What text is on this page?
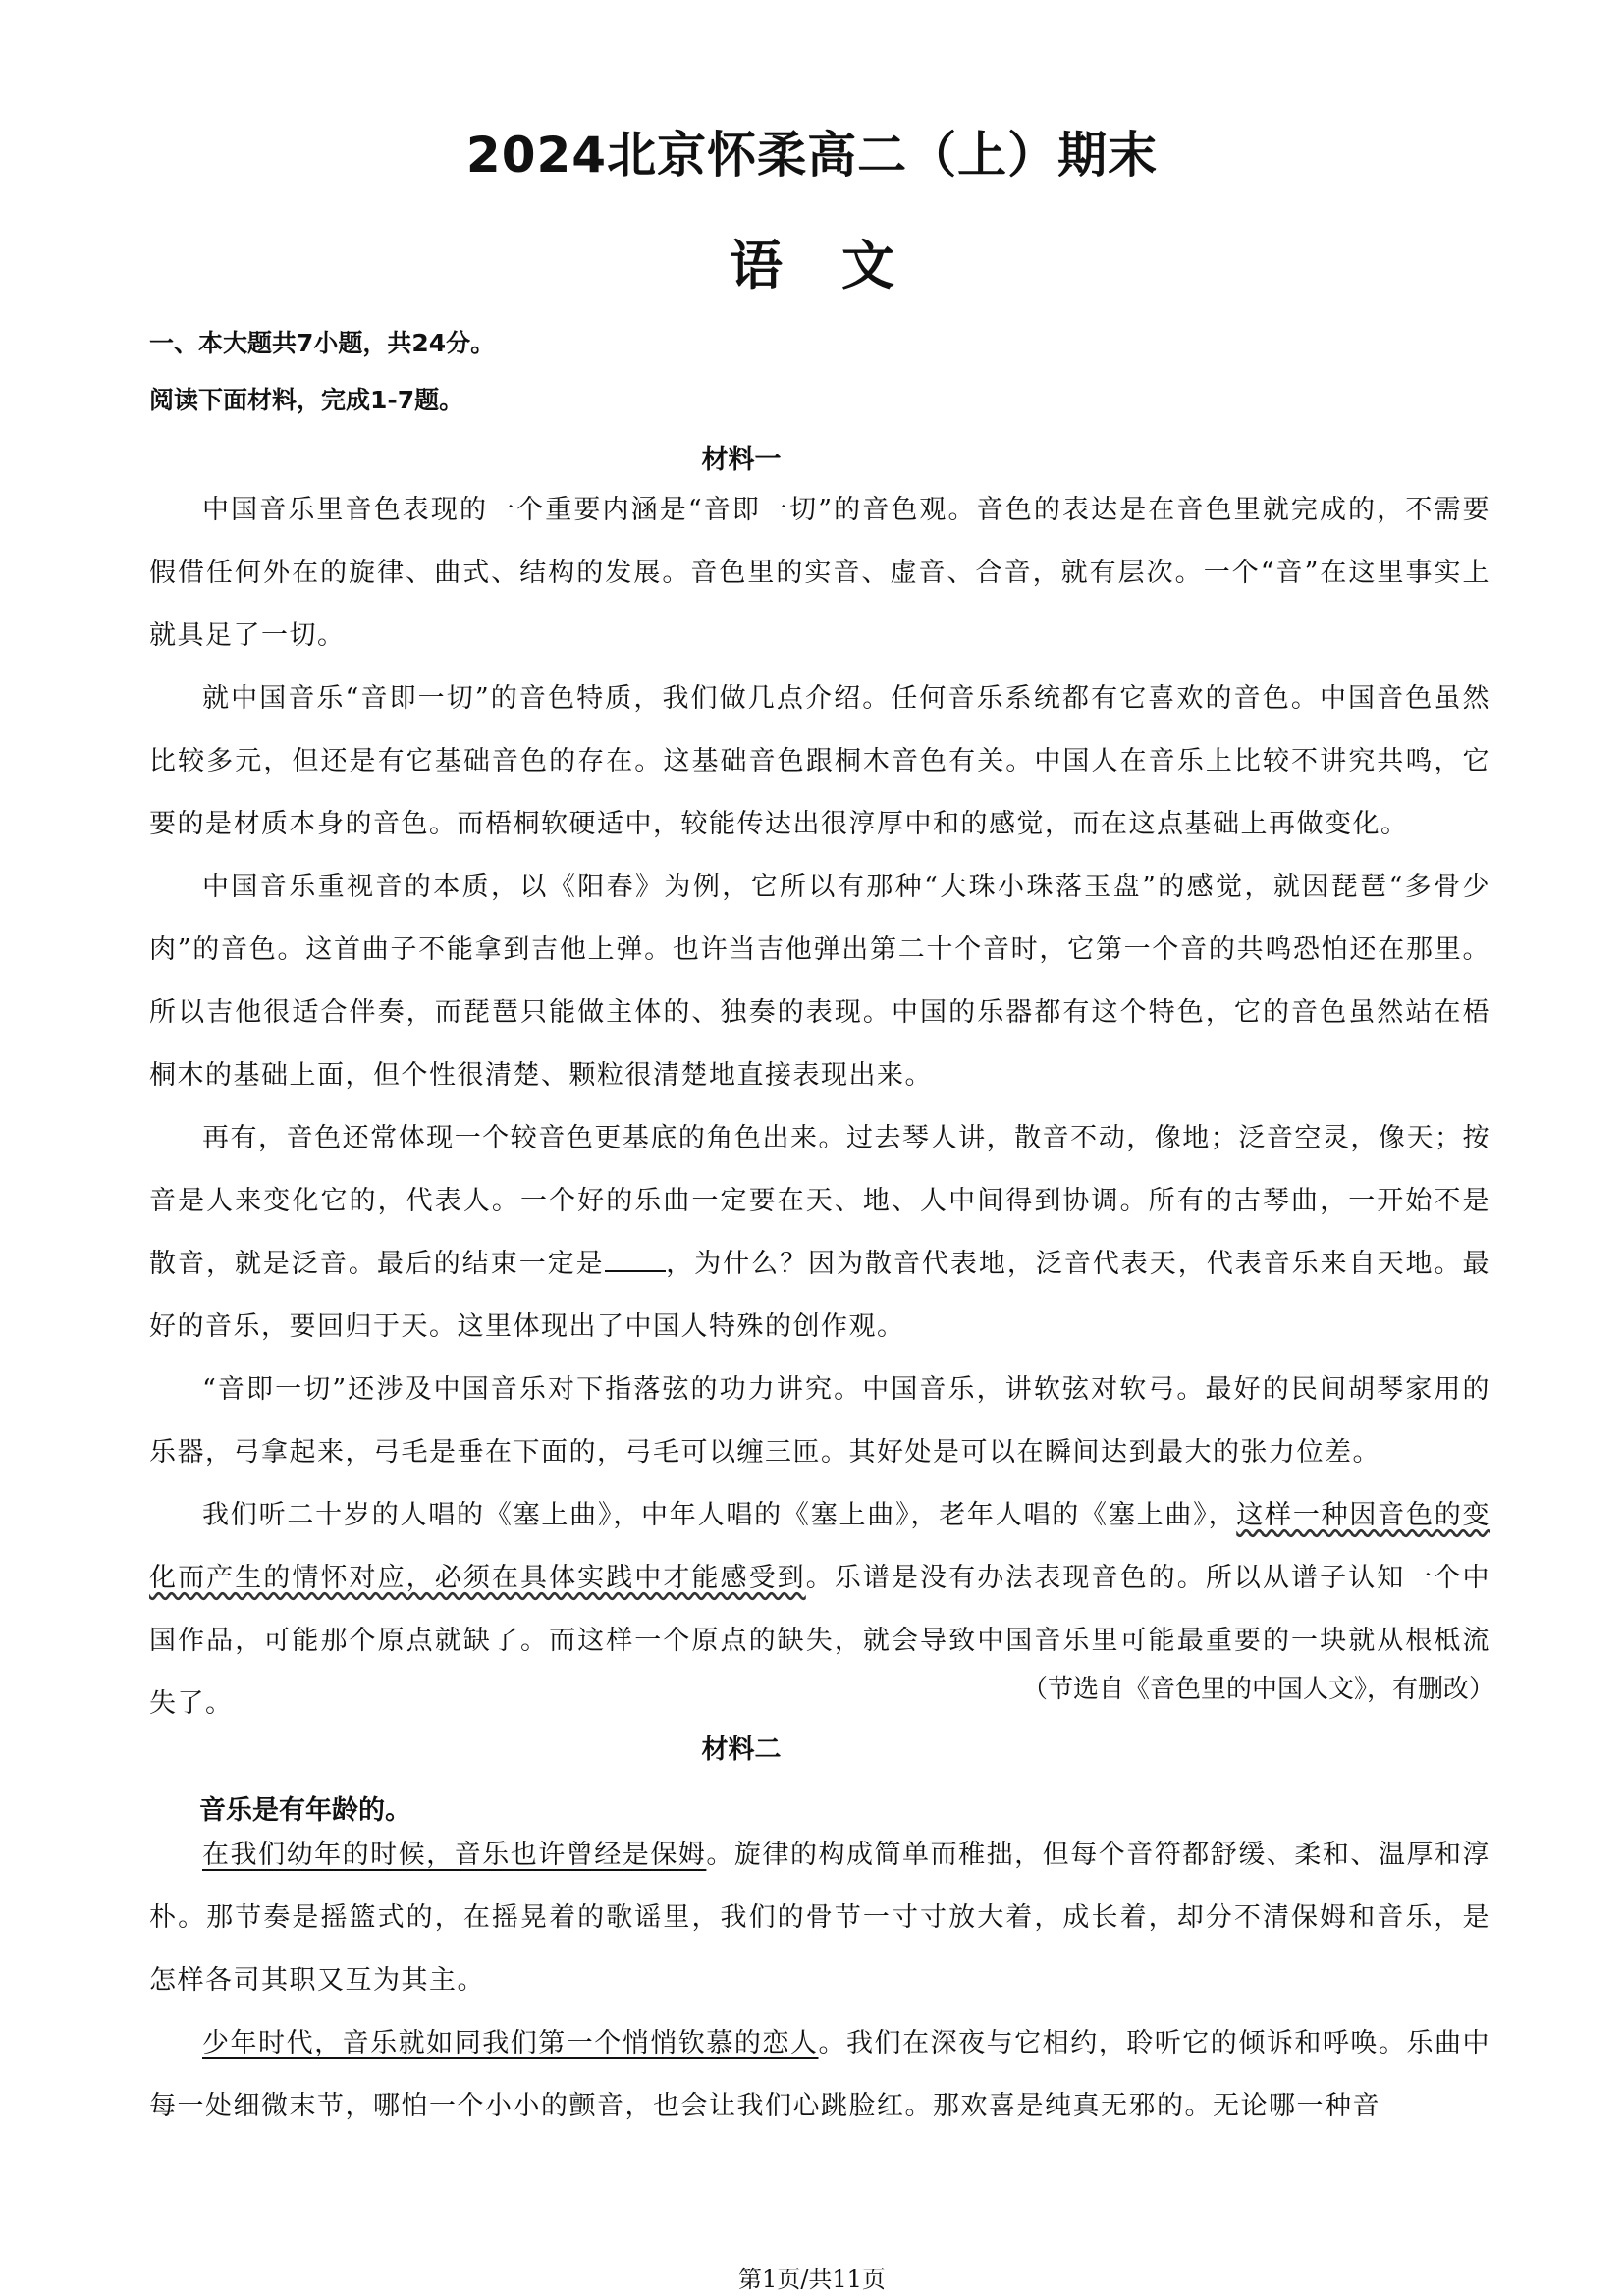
2024北京怀柔高二（上）期末
语文
一、本大题共7小题，共24分。
阅读下面材料，完成1-7题。
材料一

中国音乐里音色表现的一个重要内涵是“音即一切”的音色观。音色的表达是在音色里就完成的，不需要假借任何外在的旋律、曲式、结构的发展。音色里的实音、虚音、合音，就有层次。一个“音”在这里事实上就具足了一切。

就中国音乐“音即一切”的音色特质，我们做几点介绍。任何音乐系统都有它喜欢的音色。中国音色虽然比较多元，但还是有它基础音色的存在。这基础音色跟桐木音色有关。中国人在音乐上比较不讲究共鸣，它要的是材质本身的音色。而梧桐软硬适中，较能传达出很淳厚中和的感觉，而在这点基础上再做变化。

中国音乐重视音的本质，以《阳春》为例，它所以有那种“大珠小珠落玉盘”的感觉，就因琵琶“多骨少肉”的音色。这首曲子不能拿到吉他上弹。也许当吉他弹出第二十个音时，它第一个音的共鸣恐怕还在那里。所以吉他很适合伴奏，而琵琶只能做主体的、独奏的表现。中国的乐器都有这个特色，它的音色虽然站在梧桐木的基础上面，但个性很清楚、颗粒很清楚地直接表现出来。

再有，音色还常体现一个较音色更基底的角色出来。过去琴人讲，散音不动，像地；泛音空灵，像天；按音是人来变化它的，代表人。一个好的乐曲一定要在天、地、人中间得到协调。所有的古琴曲，一开始不是散音，就是泛音。最后的结束一定是 ，为什么？因为散音代表地，泛音代表天，代表音乐来自天地。最好的音乐，要回归于天。这里体现出了中国人特殊的创作观。

“音即一切”还涉及中国音乐对下指落弦的功力讲究。中国音乐，讲软弦对软弓。最好的民间胡琴家用的乐器，弓拿起来，弓毛是垂在下面的，弓毛可以缠三匝。其好处是可以在瞬间达到最大的张力位差。

我们听二十岁的人唱的《塞上曲》，中年人唱的《塞上曲》，老年人唱的《塞上曲》，这样一种因音色的变化而产生的情怀对应，必须在具体实践中才能感受到。乐谱是没有办法表现音色的。所以从谱子认知一个中国作品，可能那个原点就缺了。而这样一个原点的缺失，就会导致中国音乐里可能最重要的一块就从根柢流失了。	（节选自《音色里的中国人文》，有删改）
材料二
音乐是有年龄的。

在我们幼年的时候，音乐也许曾经是保姆。旋律的构成简单而稚拙，但每个音符都舒缓、柔和、温厚和淳朴。那节奏是摇篮式的，在摇晃着的歌谣里，我们的骨节一寸寸放大着，成长着，却分不清保姆和音乐，是怎样各司其职又互为其主。

少年时代，音乐就如同我们第一个悄悄钦慕的恋人。我们在深夜与它相约，聆听它的倾诉和呼唤。乐曲中每一处细微末节，哪怕一个小小的颤音，也会让我们心跳脸红。那欢喜是纯真无邪的。无论哪一种音

第1页/共11页
